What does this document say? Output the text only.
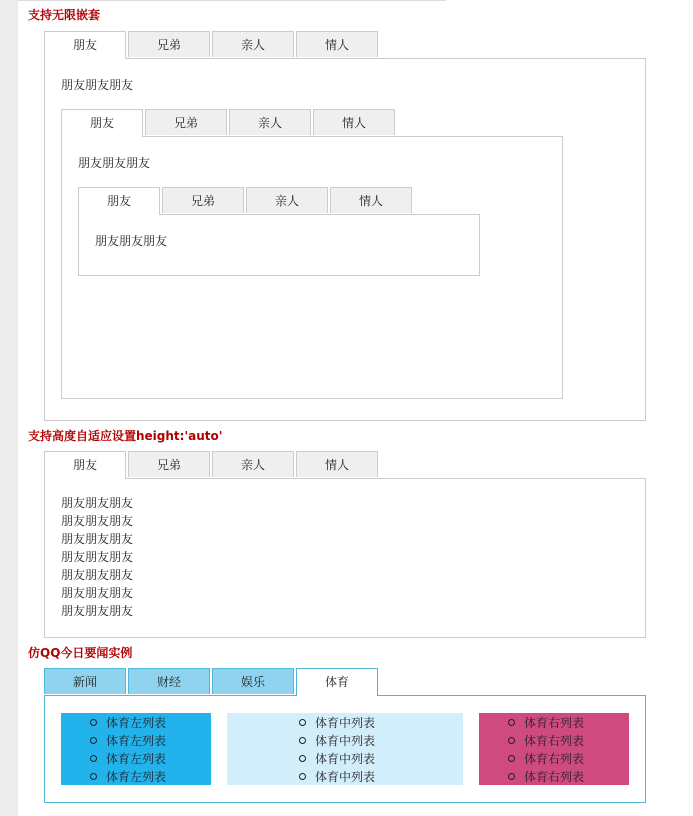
支持无限嵌套
朋友	兄弟	亲人	情人
朋友朋友朋友
朋友	兄弟	亲人	情人
朋友朋友朋友
朋友	兄弟	亲人	情人
朋友朋友朋友
支持高度自适应设置height:'auto'
朋友	兄弟	亲人	情人
朋友朋友朋友
朋友朋友朋友
朋友朋友朋友
朋友朋友朋友
朋友朋友朋友
朋友朋友朋友
朋友朋友朋友
仿QQ今日要闻实例
新闻	财经	娱乐	体育
体育左列表
体育左列表
体育左列表
体育左列表
体育中列表
体育中列表
体育中列表
体育中列表
体育右列表
体育右列表
体育右列表
体育右列表
